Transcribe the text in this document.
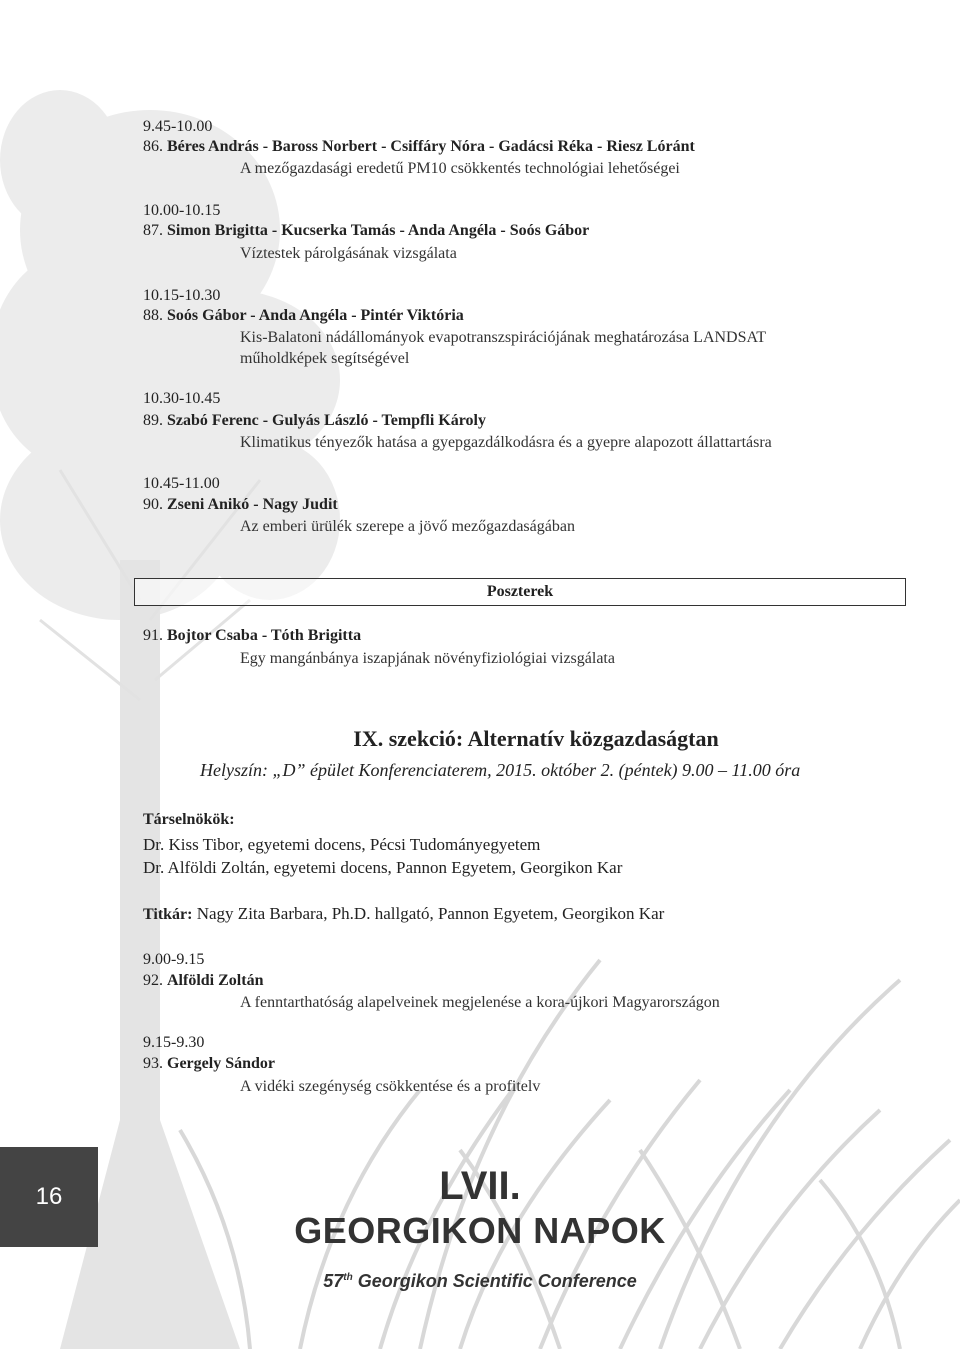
9.45-10.00
86. Béres András - Baross Norbert - Csiffáry Nóra - Gadácsi Réka - Riesz Lóránt
A mezőgazdasági eredetű PM10 csökkentés technológiai lehetőségei
10.00-10.15
87. Simon Brigitta - Kucserka Tamás - Anda Angéla - Soós Gábor
Víztestek párolgásának vizsgálata
10.15-10.30
88. Soós Gábor - Anda Angéla - Pintér Viktória
Kis-Balatoni nádállományok evapotranszspirációjának meghatározása LANDSAT
műholdképek segítségével
10.30-10.45
89. Szabó Ferenc - Gulyás László - Tempfli Károly
Klimatikus tényezők hatása a gyepgazdálkodásra és a gyepre alapozott állattartásra
10.45-11.00
90. Zseni Anikó - Nagy Judit
Az emberi ürülék szerepe a jövő mezőgazdaságában
Poszterek
91. Bojtor Csaba - Tóth Brigitta
Egy mangánbánya iszapjának növényfiziológiai vizsgálata
IX. szekció: Alternatív közgazdaságtan
Helyszín: „D” épület Konferenciaterem, 2015. október 2. (péntek) 9.00 – 11.00 óra
Társelnökök:
Dr. Kiss Tibor, egyetemi docens, Pécsi Tudományegyetem
Dr. Alföldi Zoltán, egyetemi docens, Pannon Egyetem, Georgikon Kar
Titkár: Nagy Zita Barbara, Ph.D. hallgató, Pannon Egyetem, Georgikon Kar
9.00-9.15
92. Alföldi Zoltán
A fenntarthatóság alapelveinek megjelenése a kora-újkori Magyarországon
9.15-9.30
93. Gergely Sándor
A vidéki szegénység csökkentése és a profitelv
16	LVII.
GEORGIKON NAPOK
57th Georgikon Scientific Conference
